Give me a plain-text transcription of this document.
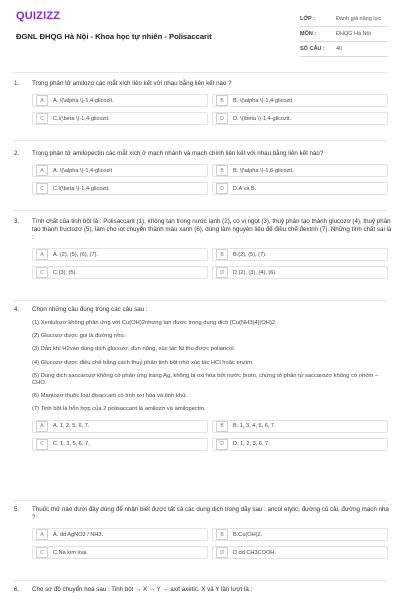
QUIZIZZ
ĐGNL ĐHQG Hà Nội - Khoa học tự nhiên - Polisaccarit
LỚP :	Đánh giá năng lực
MÔN :	ĐHQG Hà Nội
SỐ CÂU :	40
1.	Trong phân tử amilozo các mắt xích liên kết với nhau bằng liên kết nào ?
A	A. \(\alpha \)-1,4-glicozit.	B	B. \(\alpha \)-1,4-glicozit.
C	C.\(\beta \)-1,4-glicozit.	D	D. \(\beta \)-1,4-glicozit.
2.	Trong phân tử amilopectin các mắt xích ở mạch nhánh và mạch chính liên kết với nhau bằng liên kết nào?
A	A. \(\alpha \)-1,4-glicozit	B	B. \(\alpha \)-1,6-glicozit.
C	C.\(\beta \)-1,4-glicozit.	D	D.A và B.
3.	Tính chất của tinh bột là : Polisaccarit (1), không tan trong nước lạnh (2), có vị ngọt (3), thuỷ phân tạo thành glucozơ (4), thuỷ phân tạo thành fructozơ (5), làm cho iot chuyển thành màu xanh (6), dùng làm nguyên liệu để điều chế đextrin (7). Những tính chất sai là :
A	A. (2), (5), (6), (7).	B	B.(2), (5), (7).
C	C.(3), (5).	D	D.(2), (3), (4), (6).
4.	Chọn những câu đúng trong các câu sau :
(1) Xenlulozơ không phản ứng với Cu(OH)2nhưng tan được trong dung dịch [Cu(NH3)4](OH)2.
(2) Glucozơ được gọi là đường nho.
(3) Dẫn khí H2vào dung dịch glucozơ, đun nóng, xúc tác Ni thu được poliancol.
(4) Glucozơ được điều chế bằng cách thuỷ phân tinh bột nhờ xúc tác HCl hoặc enzim.
(5) Dung dịch saccarozơ không có phản ứng tráng Ag, không bị oxi hóa bởi nước brom, chứng tỏ phân tử saccarozơ không có nhóm –CHO.
(6) Mantozơ thuộc loại đisaccarit có tính oxi hóa và tính khử.
(7) Tinh bột là hỗn hợp của 2 polisaccarit là amilozơ và amilopectin.
A	A. 1, 2, 5, 6, 7.	B	B. 1, 3, 4, 5, 6, 7.
C	C. 1, 3, 5, 6, 7.	D	D. 1, 2, 3, 6, 7.
5.	Thuốc thử nào dưới đây dùng để nhận biết được tất cả các dung dịch trong dãy sau : ancol etylic, đường củ cải, đường mạch nha ?
A	A. dd AgNO3 / NH3.	B	B.Cu(OH)2.
C	C.Na kim loại.	D	D.dd CH3COOH.
6.	Cho sơ đồ chuyển hoá sau : Tinh bột → X → Y → axit axetic. X và Y lần lượt là :
